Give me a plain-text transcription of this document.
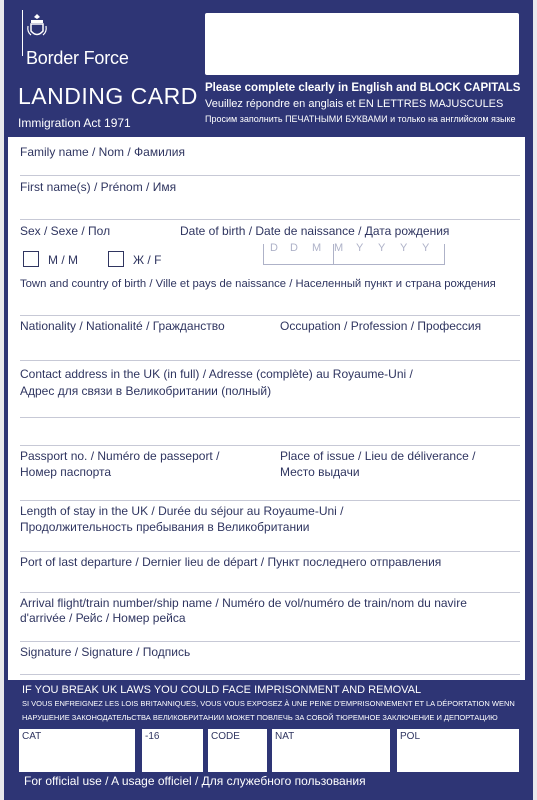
Border Force
LANDING CARD
Immigration Act 1971
Please complete clearly in English and BLOCK CAPITALS
Veuillez répondre en anglais et EN LETTRES MAJUSCULES
Просим заполнить ПЕЧАТНЫМИ БУКВАМИ и только на английском языке
Family name / Nom / Фамилия
First name(s) / Prénom / Имя
Sex / Sexe / Пол
M / M	Ж / F
Date of birth / Date de naissance / Дата рождения
D D M M Y Y Y Y
Town and country of birth / Ville et pays de naissance / Населенный пункт и страна рождения
Nationality / Nationalité / Гражданство	Occupation / Profession / Профессия
Contact address in the UK (in full) / Adresse (complète) au Royaume-Uni /
Адрес для связи в Великобритании (полный)
Passport no. / Numéro de passeport /
Номер паспорта
Place of issue / Lieu de déliverance /
Место выдачи
Length of stay in the UK / Durée du séjour au Royaume-Uni /
Продолжительность пребывания в Великобритании
Port of last departure / Dernier lieu de départ / Пункт последнего отправления
Arrival flight/train number/ship name / Numéro de vol/numéro de train/nom du navire
d'arrivée / Рейс / Номер рейса
Signature / Signature / Подпись
IF YOU BREAK UK LAWS YOU COULD FACE IMPRISONMENT AND REMOVAL
SI VOUS ENFREIGNEZ LES LOIS BRITANNIQUES, VOUS VOUS EXPOSEZ À UNE PEINE D'EMPRISONNEMENT ET LA DÉPORTATION WENN
НАРУШЕНИЕ ЗАКОНОДАТЕЛЬСТВА ВЕЛИКОБРИТАНИИ МОЖЕТ ПОВЛЕЧЬ ЗА СОБОЙ ТЮРЕМНОЕ ЗАКЛЮЧЕНИЕ И ДЕПОРТАЦИЮ
CAT	-16	CODE	NAT	POL
For official use / A usage officiel / Для служебного пользования
